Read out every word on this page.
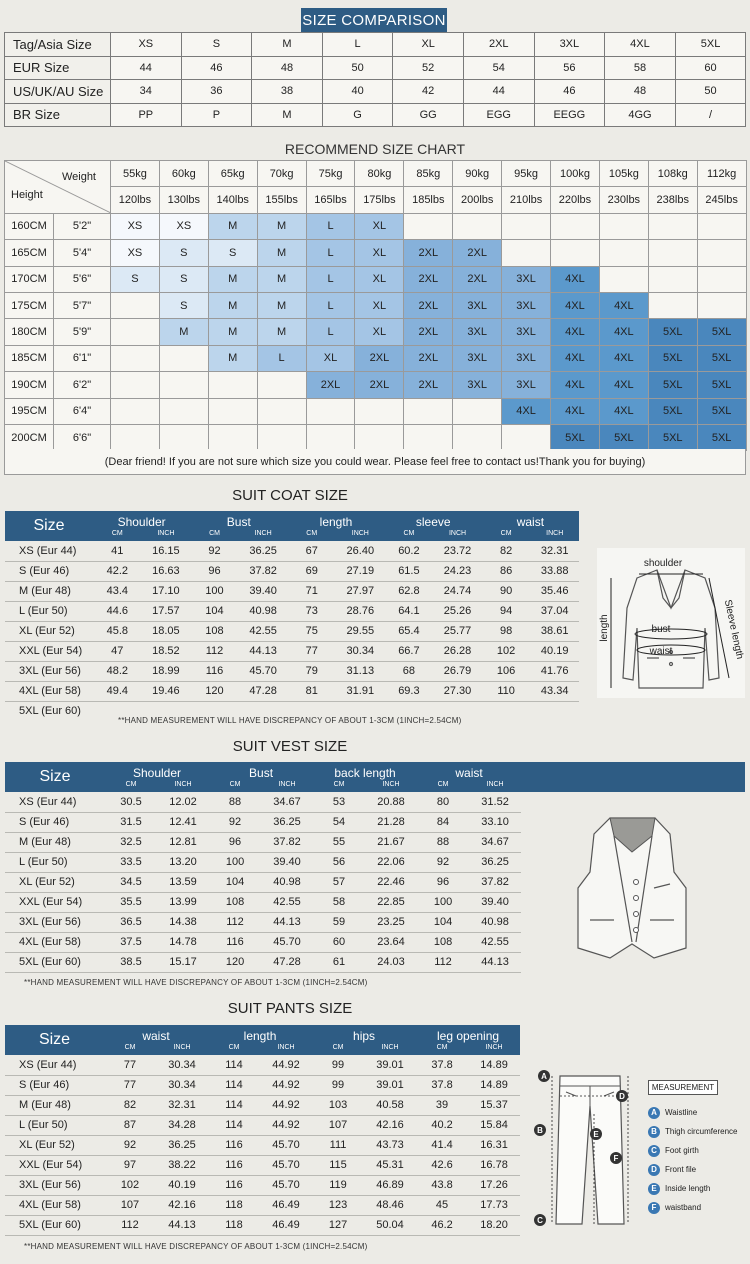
SIZE COMPARISON
Tag/Asia Size	XS	S	M	L	XL	2XL	3XL	4XL	5XL
EUR Size	44	46	48	50	52	54	56	58	60
US/UK/AU Size	34	36	38	40	42	44	46	48	50
BR Size	PP	P	M	G	GG	EGG	EEGG	4GG	/
RECOMMEND SIZE CHART
Weight
Height		55kg	60kg	65kg	70kg	75kg	80kg	85kg	90kg	95kg	100kg	105kg	108kg	112kg
		120lbs	130lbs	140lbs	155lbs	165lbs	175lbs	185lbs	200lbs	210lbs	220lbs	230lbs	238lbs	245lbs
160CM	5'2"	XS	XS	M	M	L	XL							
165CM	5'4"	XS	S	S	M	L	XL	2XL	2XL					
170CM	5'6"	S	S	M	M	L	XL	2XL	2XL	3XL	4XL			
175CM	5'7"		S	M	M	L	XL	2XL	3XL	3XL	4XL	4XL		
180CM	5'9"		M	M	M	L	XL	2XL	3XL	3XL	4XL	4XL	5XL	5XL
185CM	6'1"			M	L	XL	2XL	2XL	3XL	3XL	4XL	4XL	5XL	5XL
190CM	6'2"					2XL	2XL	2XL	3XL	3XL	4XL	4XL	5XL	5XL
195CM	6'4"									4XL	4XL	4XL	5XL	5XL
200CM	6'6"										5XL	5XL	5XL	5XL
(Dear friend! If you are not sure which size you could wear. Please feel free to contact us!Thank you for buying)
SUIT COAT SIZE
Size	Shoulder
CM INCH		Bust
CM INCH		length
CM INCH		sleeve
CM INCH		waist
CM INCH	

XS (Eur 44)	41	16.15	92	36.25	67	26.40	60.2	23.72	82	32.31
S (Eur 46)	42.2	16.63	96	37.82	69	27.19	61.5	24.23	86	33.88
M (Eur 48)	43.4	17.10	100	39.40	71	27.97	62.8	24.74	90	35.46
L (Eur 50)	44.6	17.57	104	40.98	73	28.76	64.1	25.26	94	37.04
XL (Eur 52)	45.8	18.05	108	42.55	75	29.55	65.4	25.77	98	38.61
XXL (Eur 54)	47	18.52	112	44.13	77	30.34	66.7	26.28	102	40.19
3XL (Eur 56)	48.2	18.99	116	45.70	79	31.13	68	26.79	106	41.76
4XL (Eur 58)	49.4	19.46	120	47.28	81	31.91	69.3	27.30	110	43.34
5XL (Eur 60)										
**HAND MEASUREMENT WILL HAVE DISCREPANCY OF ABOUT 1-3CM (1INCH=2.54CM)
shoulder
length	Sleeve length
bust
waist
SUIT VEST SIZE
Size	Shoulder
CM INCH		Bust
CM INCH		back length
CM INCH		waist
CM INCH		

XS (Eur 44)	30.5	12.02	88	34.67	53	20.88	80	31.52	
S (Eur 46)	31.5	12.41	92	36.25	54	21.28	84	33.10	
M (Eur 48)	32.5	12.81	96	37.82	55	21.67	88	34.67	
L (Eur 50)	33.5	13.20	100	39.40	56	22.06	92	36.25	
XL (Eur 52)	34.5	13.59	104	40.98	57	22.46	96	37.82	
XXL (Eur 54)	35.5	13.99	108	42.55	58	22.85	100	39.40	
3XL (Eur 56)	36.5	14.38	112	44.13	59	23.25	104	40.98	
4XL (Eur 58)	37.5	14.78	116	45.70	60	23.64	108	42.55	
5XL (Eur 60)	38.5	15.17	120	47.28	61	24.03	112	44.13	
**HAND MEASUREMENT WILL HAVE DISCREPANCY OF ABOUT 1-3CM (1INCH=2.54CM)
SUIT PANTS SIZE
Size	waist
CM INCH		length
CM INCH		hips
CM INCH		leg opening
CM INCH	

XS (Eur 44)	77	30.34	114	44.92	99	39.01	37.8	14.89
S (Eur 46)	77	30.34	114	44.92	99	39.01	37.8	14.89
M (Eur 48)	82	32.31	114	44.92	103	40.58	39	15.37
L (Eur 50)	87	34.28	114	44.92	107	42.16	40.2	15.84
XL (Eur 52)	92	36.25	116	45.70	111	43.73	41.4	16.31
XXL (Eur 54)	97	38.22	116	45.70	115	45.31	42.6	16.78
3XL (Eur 56)	102	40.19	116	45.70	119	46.89	43.8	17.26
4XL (Eur 58)	107	42.16	118	46.49	123	48.46	45	17.73
5XL (Eur 60)	112	44.13	118	46.49	127	50.04	46.2	18.20
**HAND MEASUREMENT WILL HAVE DISCREPANCY OF ABOUT 1-3CM (1INCH=2.54CM)
A
B
C
D
E
F
MEASUREMENT
A	Waistline
B	Thigh circumference
C	Foot girth
D	Front file
E	Inside length
F	waistband
